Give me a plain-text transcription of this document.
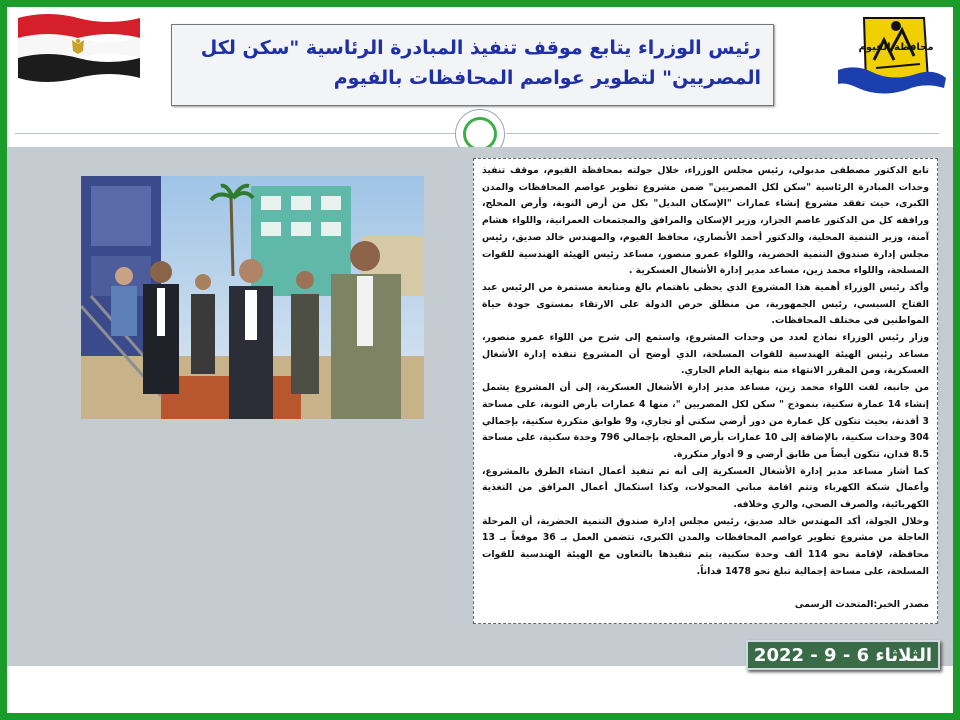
محافظة الفيوم
رئيس الوزراء يتابع موقف تنفيذ المبادرة الرئاسية "سكن لكل المصريين" لتطوير عواصم المحافظات بالفيوم

تابع الدكتور مصطفى مدبولي، رئيس مجلس الوزراء، خلال جولته بمحافظة الفيوم، موقف تنفيذ وحدات المبادرة الرئاسية "سكن لكل المصريين" ضمن مشروع تطوير عواصم المحافظات والمدن الكبرى، حيث تفقد مشروع إنشاء عمارات "الإسكان البديل" بكل من أرض النوبة، وأرض المحلج، ورافقه كل من الدكتور عاصم الجزار، وزير الإسكان والمرافق والمجتمعات العمرانية، واللواء هشام آمنة، وزير التنمية المحلية، والدكتور أحمد الأنصاري، محافظ الفيوم، والمهندس خالد صديق، رئيس مجلس إدارة صندوق التنمية الحضرية، واللواء عمرو منصور، مساعد رئيس الهيئة الهندسية للقوات المسلحة، واللواء محمد زين، مساعد مدير إدارة الأشغال العسكرية .

وأكد رئيس الوزراء أهمية هذا المشروع الذي يحظى باهتمام بالغ ومتابعة مستمرة من الرئيس عبد الفتاح السيسي، رئيس الجمهورية، من منطلق حرص الدولة على الارتقاء بمستوى جودة حياة المواطنين في مختلف المحافظات.

وزار رئيس الوزراء نماذج لعدد من وحدات المشروع، واستمع إلى شرح من اللواء عمرو منصور، مساعد رئيس الهيئة الهندسية للقوات المسلحة، الذي أوضح أن المشروع تنفذه إدارة الأشغال العسكرية، ومن المقرر الانتهاء منه بنهاية العام الجاري.

من جانبه، لفت اللواء محمد زين، مساعد مدير إدارة الأشغال العسكرية، إلى أن المشروع يشمل إنشاء 14 عمارة سكنية، بنموذج " سكن لكل المصريين "، منها 4 عمارات بأرض النوبة، على مساحة 3 أفدنة، بحيث تتكون كل عمارة من دور أرضي سكني أو تجاري، و9 طوابق متكررة سكنية، بإجمالي 304 وحدات سكنية، بالإضافة إلى 10 عمارات بأرض المحلج، بإجمالي 796 وحدة سكنية، على مساحة 8.5 فدان، تتكون أيضاً من طابق أرضي و 9 أدوار متكررة.

كما أشار مساعد مدير إدارة الأشغال العسكرية إلى أنه تم تنفيذ أعمال انشاء الطرق بالمشروع، وأعمال شبكة الكهرباء وتتم اقامة مباني المحولات، وكذا استكمال أعمال المرافق من التغذية الكهربائية، والصرف الصحي، والري وخلافه.

وخلال الجولة، أكد المهندس خالد صديق، رئيس مجلس إدارة صندوق التنمية الحضرية، أن المرحلة العاجلة من مشروع تطوير عواصم المحافظات والمدن الكبرى، تتضمن العمل بـ 36 موقعاً بـ 13 محافظة، لإقامة نحو 114 ألف وحدة سكنية، يتم تنفيذها بالتعاون مع الهيئة الهندسية للقوات المسلحة، على مساحة إجمالية تبلغ نحو 1478 فداناً.

مصدر الخبر:المتحدث الرسمى
الثلاثاء 6 - 9 - 2022
